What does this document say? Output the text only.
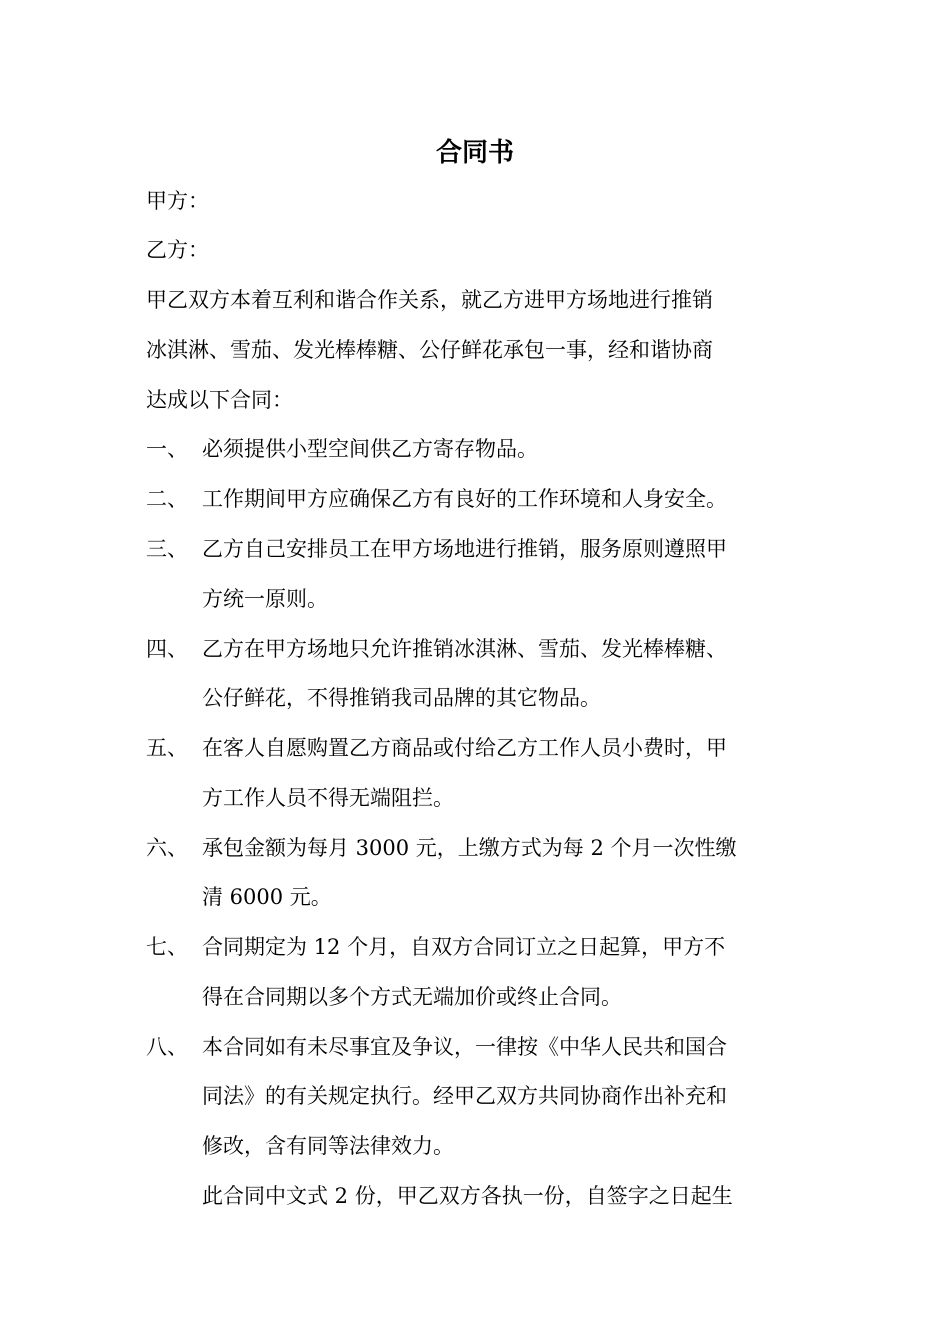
合同书
甲方：
乙方：
甲乙双方本着互利和谐合作关系，就乙方进甲方场地进行推销
冰淇淋、雪茄、发光棒棒糖、公仔鲜花承包一事，经和谐协商
达成以下合同：
一、 必须提供小型空间供乙方寄存物品。
二、 工作期间甲方应确保乙方有良好的工作环境和人身安全。
三、 乙方自己安排员工在甲方场地进行推销，服务原则遵照甲
方统一原则。
四、 乙方在甲方场地只允许推销冰淇淋、雪茄、发光棒棒糖、
公仔鲜花，不得推销我司品牌的其它物品。
五、 在客人自愿购置乙方商品或付给乙方工作人员小费时，甲
方工作人员不得无端阻拦。
六、 承包金额为每月 3000 元，上缴方式为每 2 个月一次性缴
清 6000 元。
七、 合同期定为 12 个月，自双方合同订立之日起算，甲方不
得在合同期以多个方式无端加价或终止合同。
八、 本合同如有未尽事宜及争议，一律按《中华人民共和国合
同法》的有关规定执行。经甲乙双方共同协商作出补充和
修改，含有同等法律效力。
此合同中文式 2 份，甲乙双方各执一份，自签字之日起生
